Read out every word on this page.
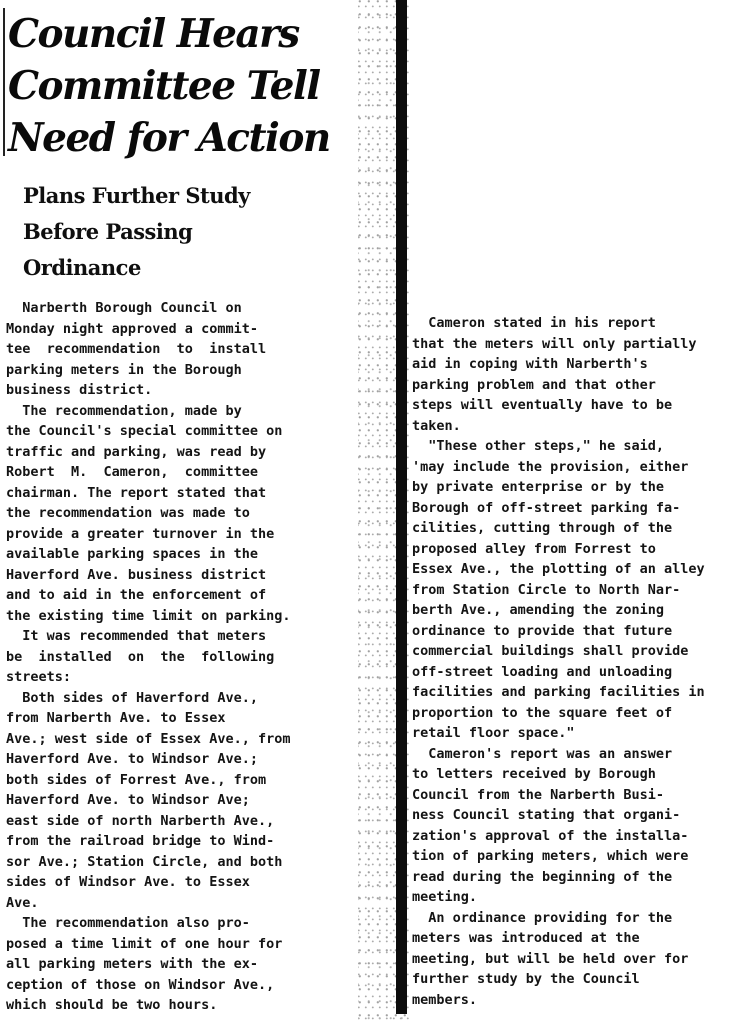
Council Hears
Committee Tell
Need for Action
Plans Further Study
Before Passing
Ordinance
Narberth Borough Council on
Monday night approved a commit-
tee  recommendation  to  install
parking meters in the Borough
business district.
The recommendation, made by
the Council's special committee on
traffic and parking, was read by
Robert  M.  Cameron,  committee
chairman. The report stated that
the recommendation was made to
provide a greater turnover in the
available parking spaces in the
Haverford Ave. business district
and to aid in the enforcement of
the existing time limit on parking.
It was recommended that meters
be  installed  on  the  following
streets:
Both sides of Haverford Ave.,
from Narberth Ave. to Essex
Ave.; west side of Essex Ave., from
Haverford Ave. to Windsor Ave.;
both sides of Forrest Ave., from
Haverford Ave. to Windsor Ave;
east side of north Narberth Ave.,
from the railroad bridge to Wind-
sor Ave.; Station Circle, and both
sides of Windsor Ave. to Essex
Ave.
The recommendation also pro-
posed a time limit of one hour for
all parking meters with the ex-
ception of those on Windsor Ave.,
which should be two hours.
Cameron stated in his report
that the meters will only partially
aid in coping with Narberth's
parking problem and that other
steps will eventually have to be
taken.
"These other steps," he said,
'may include the provision, either
by private enterprise or by the
Borough of off-street parking fa-
cilities, cutting through of the
proposed alley from Forrest to
Essex Ave., the plotting of an alley
from Station Circle to North Nar-
berth Ave., amending the zoning
ordinance to provide that future
commercial buildings shall provide
off-street loading and unloading
facilities and parking facilities in
proportion to the square feet of
retail floor space."
Cameron's report was an answer
to letters received by Borough
Council from the Narberth Busi-
ness Council stating that organi-
zation's approval of the installa-
tion of parking meters, which were
read during the beginning of the
meeting.
An ordinance providing for the
meters was introduced at the
meeting, but will be held over for
further study by the Council
members.
